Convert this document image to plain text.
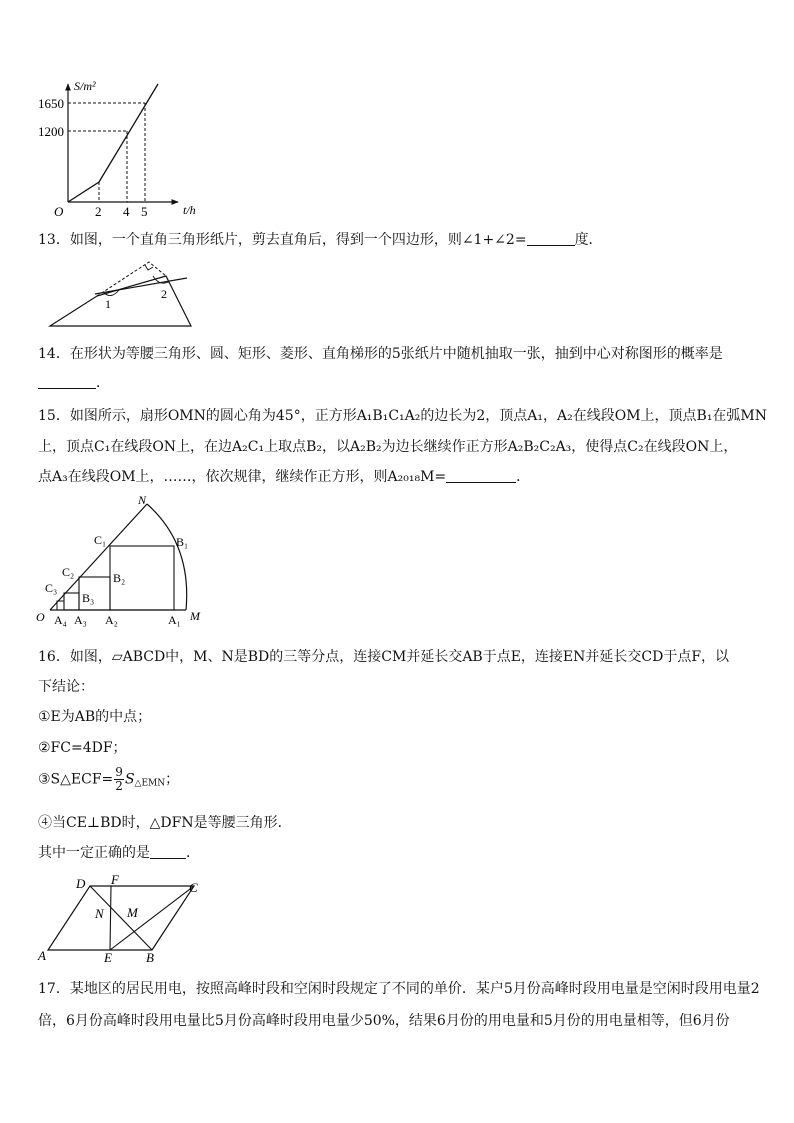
S/m²
t/h
O
1650
1200
2 4 5
13．如图，一个直角三角形纸片，剪去直角后，得到一个四边形，则∠1+∠2=	度．
1
2
14．在形状为等腰三角形、圆、矩形、菱形、直角梯形的5张纸片中随机抽取一张，抽到中心对称图形的概率是
．
15．如图所示，扇形OMN的圆心角为45°，正方形A₁B₁C₁A₂的边长为2，顶点A₁，A₂在线段OM上，顶点B₁在弧MN
上，顶点C₁在线段ON上，在边A₂C₁上取点B₂，以A₂B₂为边长继续作正方形A₂B₂C₂A₃，使得点C₂在线段ON上，
点A₃在线段OM上，……，依次规律，继续作正方形，则A₂₀₁₈M=	．
N
M
O
C₁	B₁
C₂	B₂
C₃
B₃
A₄ A₃ A₂	A₁
16．如图，▱ABCD中，M、N是BD的三等分点，连接CM并延长交AB于点E，连接EN并延长交CD于点F，以
下结论：
①E为AB的中点；
②FC=4DF；
③S△ECF= $\frac{9}{2} S_{\triangle EMN}$；
④当CE⊥BD时，△DFN是等腰三角形．
其中一定正确的是	．
D F
C
N M
A	E	B
17．某地区的居民用电，按照高峰时段和空闲时段规定了不同的单价．某户5月份高峰时段用电量是空闲时段用电量2
倍，6月份高峰时段用电量比5月份高峰时段用电量少50%，结果6月份的用电量和5月份的用电量相等，但6月份
